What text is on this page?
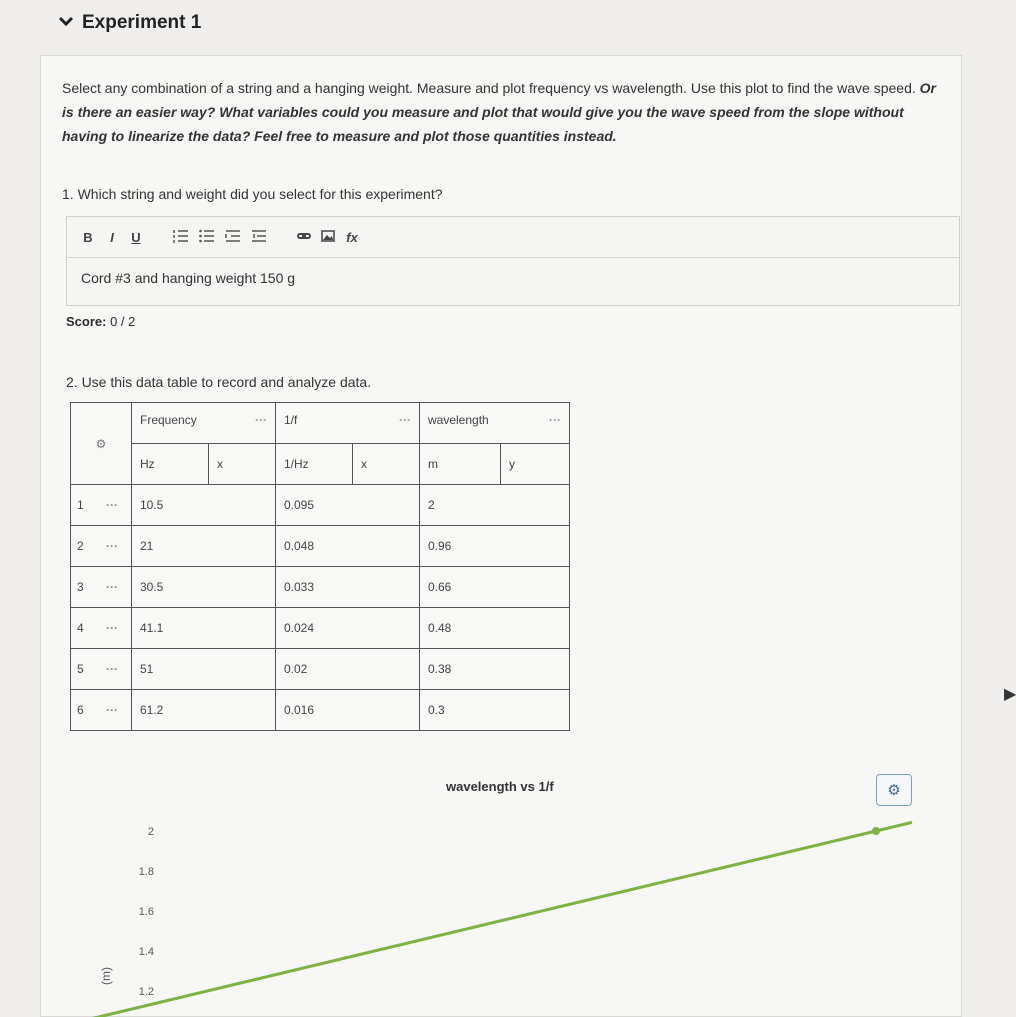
Experiment 1
Select any combination of a string and a hanging weight. Measure and plot frequency vs wavelength. Use this plot to find the wave speed. Or is there an easier way? What variables could you measure and plot that would give you the wave speed from the slope without having to linearize the data? Feel free to measure and plot those quantities instead.
1. Which string and weight did you select for this experiment?
B	I	U	fx
Cord #3 and hanging weight 150 g
Score: 0 / 2
2. Use this data table to record and analyze data.
⚙		Frequency ···		1/f ···		wavelength ···	

		Hz	x	1/Hz	x	m	y
1	···	10.5		0.095		2	
2	···	21		0.048		0.96	
3	···	30.5		0.033		0.66	
4	···	41.1		0.024		0.48	
5	···	51		0.02		0.38	
6	···	61.2		0.016		0.3	
wavelength vs 1/f	⚙
(m)
2
1.8
1.6
1.4
1.2
▶
